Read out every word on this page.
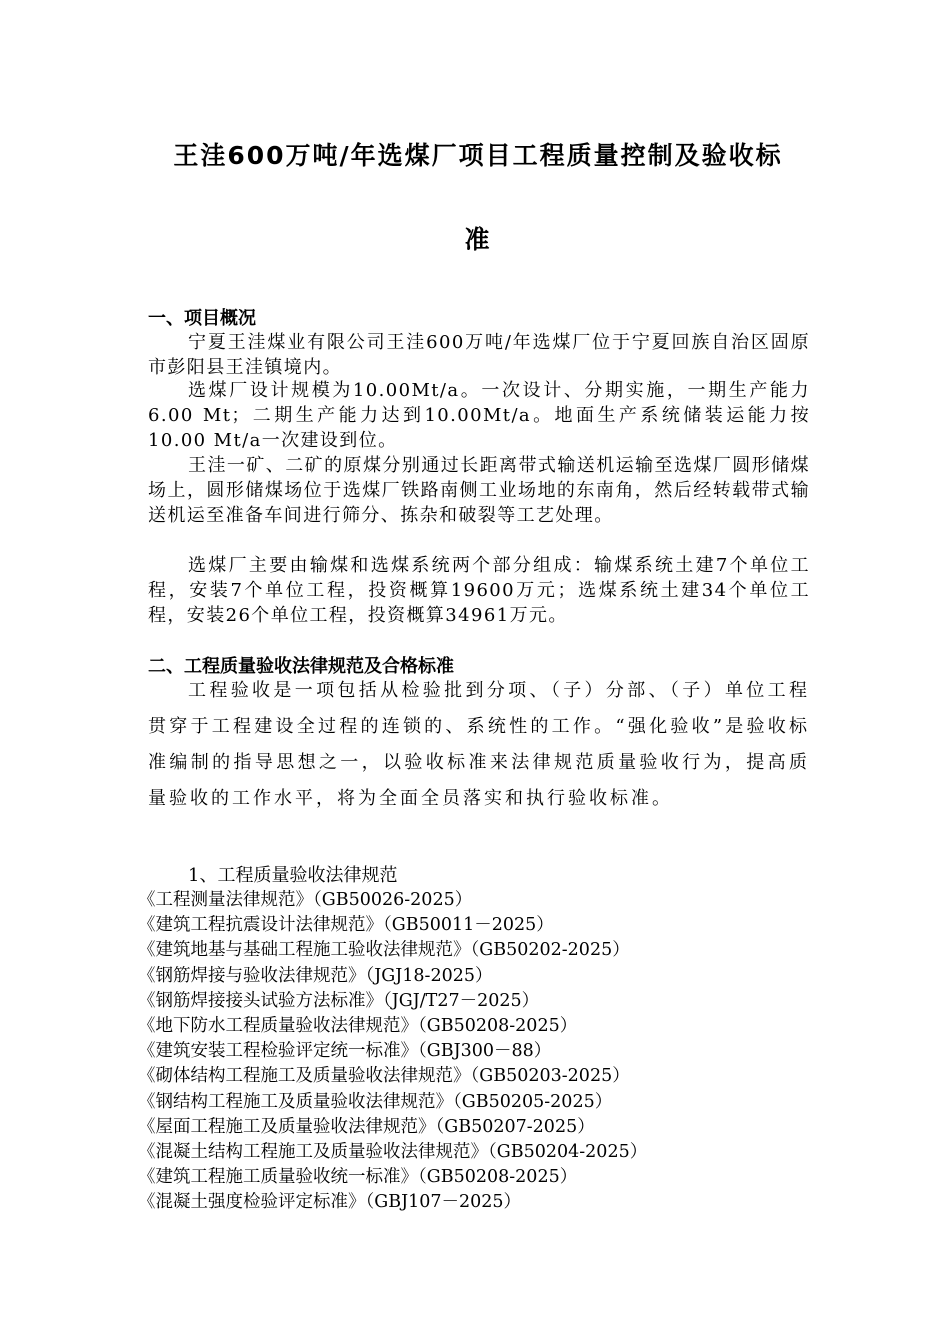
王洼600万吨/年选煤厂项目工程质量控制及验收标
准
一、项目概况

宁夏王洼煤业有限公司王洼600万吨/年选煤厂位于宁夏回族自治区固原市彭阳县王洼镇境内。

选煤厂设计规模为10.00Mt/a。一次设计、分期实施，一期生产能力6.00 Mt；二期生产能力达到10.00Mt/a。地面生产系统储装运能力按10.00 Mt/a一次建设到位。

王洼一矿、二矿的原煤分别通过长距离带式输送机运输至选煤厂圆形储煤场上，圆形储煤场位于选煤厂铁路南侧工业场地的东南角，然后经转载带式输送机运至准备车间进行筛分、拣杂和破裂等工艺处理。

选煤厂主要由输煤和选煤系统两个部分组成：输煤系统土建7个单位工程，安装7个单位工程，投资概算19600万元；选煤系统土建34个单位工程，安装26个单位工程，投资概算34961万元。

二、工程质量验收法律规范及合格标准

工程验收是一项包括从检验批到分项、（子）分部、（子）单位工程贯穿于工程建设全过程的连锁的、系统性的工作。“强化验收”是验收标准编制的指导思想之一，以验收标准来法律规范质量验收行为，提高质量验收的工作水平，将为全面全员落实和执行验收标准。

1、工程质量验收法律规范

《工程测量法律规范》（GB50026-2025）
《建筑工程抗震设计法律规范》（GB50011－2025）
《建筑地基与基础工程施工验收法律规范》（GB50202-2025）
《钢筋焊接与验收法律规范》（JGJ18-2025）
《钢筋焊接接头试验方法标准》（JGJ/T27－2025）
《地下防水工程质量验收法律规范》（GB50208-2025）
《建筑安装工程检验评定统一标准》（GBJ300－88）
《砌体结构工程施工及质量验收法律规范》（GB50203-2025）
《钢结构工程施工及质量验收法律规范》（GB50205-2025）
《屋面工程施工及质量验收法律规范》（GB50207-2025）
《混凝土结构工程施工及质量验收法律规范》（GB50204-2025）
《建筑工程施工质量验收统一标准》（GB50208-2025）
《混凝土强度检验评定标准》（GBJ107－2025）
